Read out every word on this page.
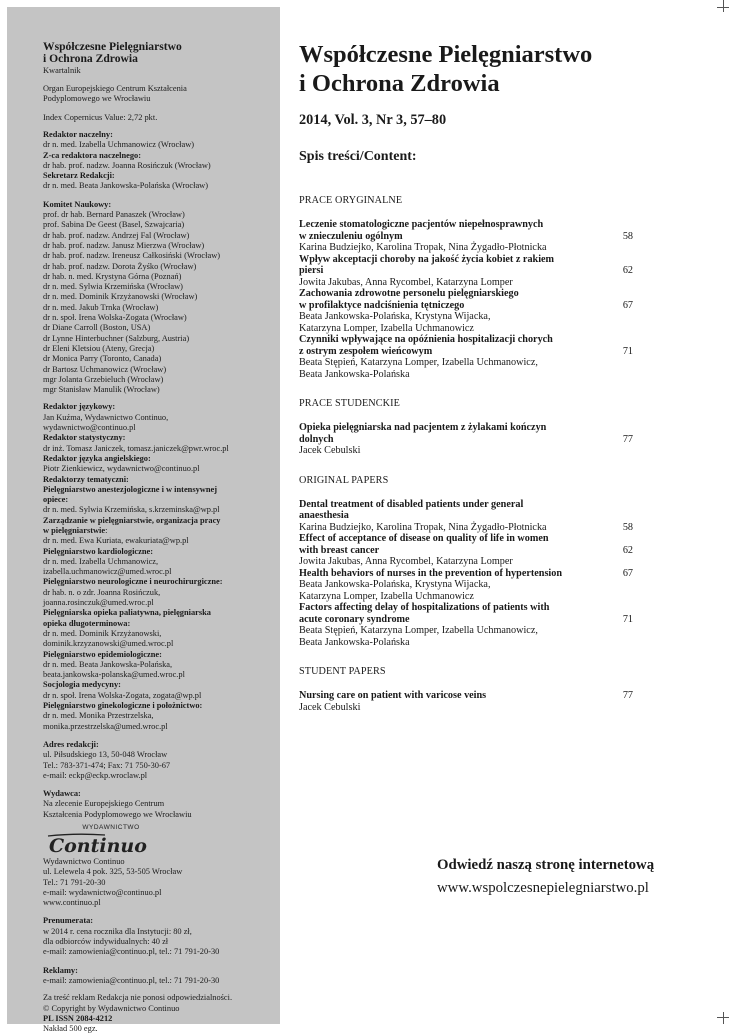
Współczesne Pielęgniarstwo
i Ochrona Zdrowia
Kwartalnik
Organ Europejskiego Centrum Kształcenia
Podyplomowego we Wrocławiu
Index Copernicus Value: 2,72 pkt.
Redaktor naczelny:
dr n. med. Izabella Uchmanowicz (Wrocław)
Z-ca redaktora naczelnego:
dr hab. prof. nadzw. Joanna Rosińczuk (Wrocław)
Sekretarz Redakcji:
dr n. med. Beata Jankowska-Polańska (Wrocław)
Komitet Naukowy:
prof. dr hab. Bernard Panaszek (Wrocław)
prof. Sabina De Geest (Basel, Szwajcaria)
dr hab. prof. nadzw. Andrzej Fal (Wrocław)
dr hab. prof. nadzw. Janusz Mierzwa (Wrocław)
dr hab. prof. nadzw. Ireneusz Całkosiński (Wrocław)
dr hab. prof. nadzw. Dorota Żyśko (Wrocław)
dr hab. n. med. Krystyna Górna (Poznań)
dr n. med. Sylwia Krzemińska (Wrocław)
dr n. med. Dominik Krzyżanowski (Wrocław)
dr n. med. Jakub Trnka (Wrocław)
dr n. społ. Irena Wolska-Zogata (Wrocław)
dr Diane Carroll (Boston, USA)
dr Lynne Hinterbuchner (Salzburg, Austria)
dr Eleni Kletsiou (Ateny, Grecja)
dr Monica Parry (Toronto, Canada)
dr Bartosz Uchmanowicz (Wrocław)
mgr Jolanta Grzebieluch (Wrocław)
mgr Stanisław Manulik (Wrocław)
Redaktor językowy:
Jan Kuźma, Wydawnictwo Continuo,
wydawnictwo@continuo.pl
Redaktor statystyczny:
dr inż. Tomasz Janiczek, tomasz.janiczek@pwr.wroc.pl
Redaktor języka angielskiego:
Piotr Zienkiewicz, wydawnictwo@continuo.pl
Redaktorzy tematyczni:
Pielęgniarstwo anestezjologiczne i w intensywnej
opiece:
dr n. med. Sylwia Krzemińska, s.krzeminska@wp.pl
Zarządzanie w pielęgniarstwie, organizacja pracy
w pielęgniarstwie:
dr n. med. Ewa Kuriata, ewakuriata@wp.pl
Pielęgniarstwo kardiologiczne:
dr n. med. Izabella Uchmanowicz,
izabella.uchmanowicz@umed.wroc.pl
Pielęgniarstwo neurologiczne i neurochirurgiczne:
dr hab. n. o zdr. Joanna Rosińczuk,
joanna.rosinczuk@umed.wroc.pl
Pielęgniarska opieka paliatywna, pielęgniarska
opieka długoterminowa:
dr n. med. Dominik Krzyżanowski,
dominik.krzyzanowski@umed.wroc.pl
Pielęgniarstwo epidemiologiczne:
dr n. med. Beata Jankowska-Polańska,
beata.jankowska-polanska@umed.wroc.pl
Socjologia medycyny:
dr n. społ. Irena Wolska-Zogata, zogata@wp.pl
Pielęgniarstwo ginekologiczne i położnictwo:
dr n. med. Monika Przestrzelska,
monika.przestrzelska@umed.wroc.pl
Adres redakcji:
ul. Piłsudskiego 13, 50-048 Wrocław
Tel.: 783-371-474; Fax: 71 750-30-67
e-mail: eckp@eckp.wroclaw.pl
Wydawca:
Na zlecenie Europejskiego Centrum
Kształcenia Podyplomowego we Wrocławiu
WYDAWNICTWO
Continuo
Wydawnictwo Continuo
ul. Lelewela 4 pok. 325, 53-505 Wrocław
Tel.: 71 791-20-30
e-mail: wydawnictwo@continuo.pl
www.continuo.pl
Prenumerata:
w 2014 r. cena rocznika dla Instytucji: 80 zł,
dla odbiorców indywidualnych: 40 zł
e-mail: zamowienia@continuo.pl, tel.: 71 791-20-30
Reklamy:
e-mail: zamowienia@continuo.pl, tel.: 71 791-20-30
Za treść reklam Redakcja nie ponosi odpowiedzialności.
© Copyright by Wydawnictwo Continuo
PL ISSN 2084-4212
Nakład 500 egz.
Współczesne Pielęgniarstwo
i Ochrona Zdrowia
2014, Vol. 3, Nr 3, 57–80
Spis treści/Content:
PRACE ORYGINALNE
Leczenie stomatologiczne pacjentów niepełnosprawnych
w znieczuleniu ogólnym
Karina Budziejko, Karolina Tropak, Nina Żygadło-Płotnicka
58
Wpływ akceptacji choroby na jakość życia kobiet z rakiem
piersi
Jowita Jakubas, Anna Rycombel, Katarzyna Lomper
62
Zachowania zdrowotne personelu pielęgniarskiego
w profilaktyce nadciśnienia tętniczego
Beata Jankowska-Polańska, Krystyna Wijacka,
Katarzyna Lomper, Izabella Uchmanowicz
67
Czynniki wpływające na opóźnienia hospitalizacji chorych
z ostrym zespołem wieńcowym
Beata Stępień, Katarzyna Lomper, Izabella Uchmanowicz,
Beata Jankowska-Polańska
71
PRACE STUDENCKIE
Opieka pielęgniarska nad pacjentem z żylakami kończyn
dolnych
Jacek Cebulski
77
ORIGINAL PAPERS
Dental treatment of disabled patients under general
anaesthesia
Karina Budziejko, Karolina Tropak, Nina Żygadło-Płotnicka	58
Effect of acceptance of disease on quality of life in women
with breast cancer
Jowita Jakubas, Anna Rycombel, Katarzyna Lomper
62
Health behaviors of nurses in the prevention of hypertension
Beata Jankowska-Polańska, Krystyna Wijacka,
Katarzyna Lomper, Izabella Uchmanowicz
67
Factors affecting delay of hospitalizations of patients with
acute coronary syndrome
Beata Stępień, Katarzyna Lomper, Izabella Uchmanowicz,
Beata Jankowska-Polańska
71
STUDENT PAPERS
Nursing care on patient with varicose veins
Jacek Cebulski
77
Odwiedź naszą stronę internetową
www.wspolczesnepielegniarstwo.pl
